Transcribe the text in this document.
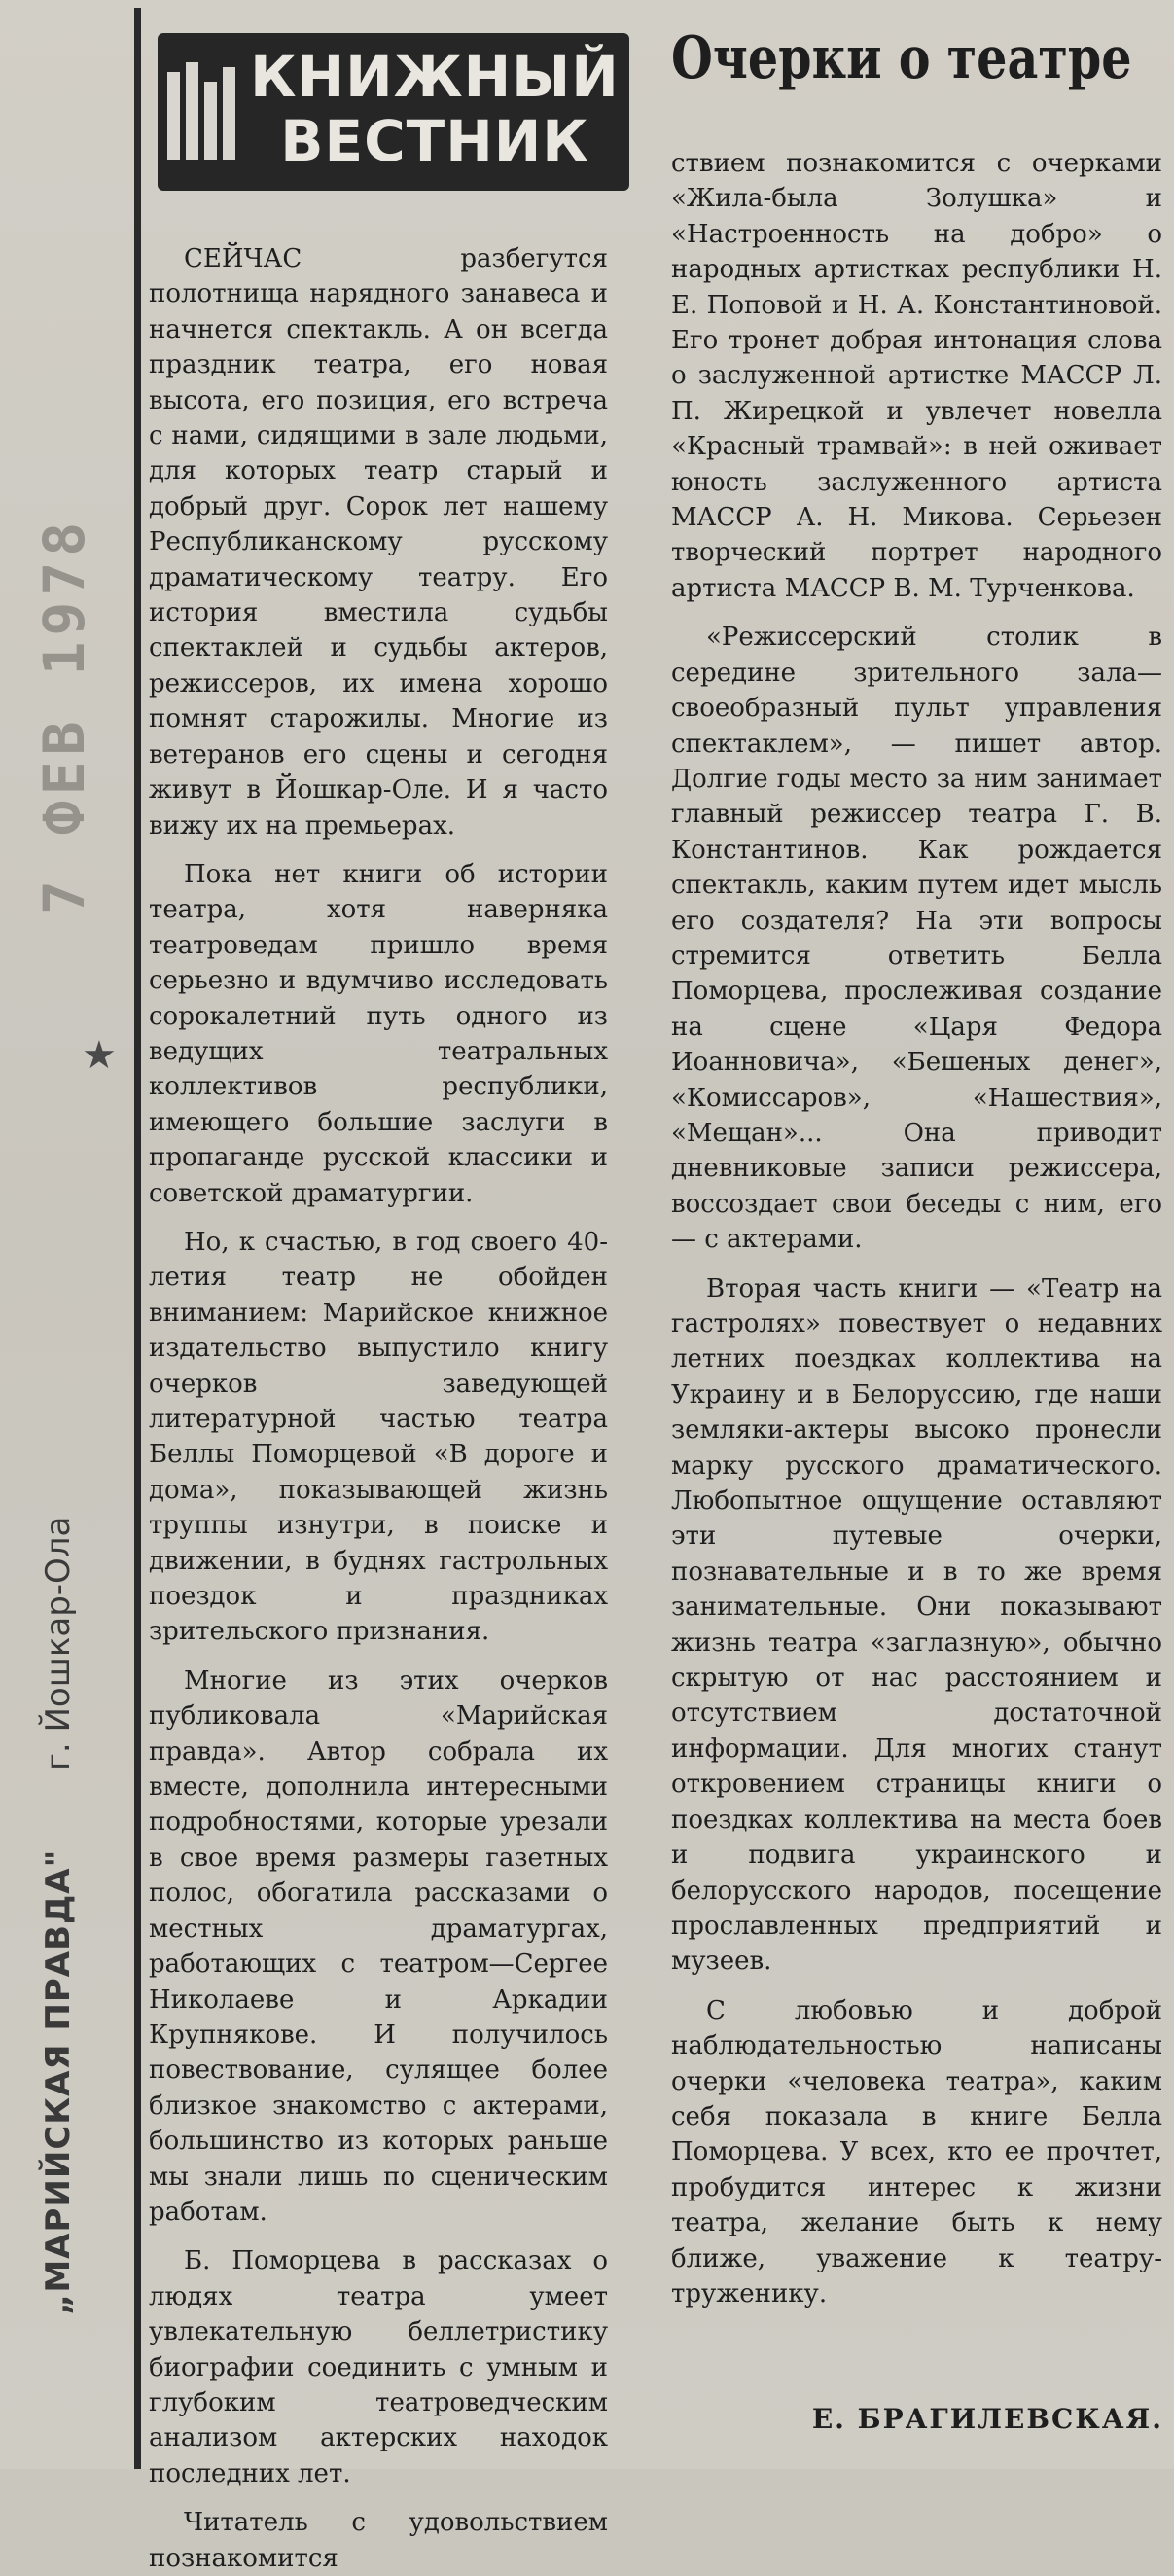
„МАРИЙСКАЯ ПРАВДА"
г. Йошкар-Ола
7 ФЕВ 1978
★
КНИЖНЫЙ
ВЕСТНИК
Очерки о театре

СЕЙЧАС разбегутся полотнища нарядного занавеса и начнется спектакль. А он всегда праздник театра, его новая высота, его позиция, его встреча с нами, сидящими в зале людьми, для которых театр старый и добрый друг. Сорок лет нашему Республиканскому русскому драматическому театру. Его история вместила судьбы спектаклей и судьбы актеров, режиссеров, их имена хорошо помнят старожилы. Многие из ветеранов его сцены и сегодня живут в Йошкар-Оле. И я часто вижу их на премьерах.

Пока нет книги об истории театра, хотя наверняка театроведам пришло время серьезно и вдумчиво исследовать сорокалетний путь одного из ведущих театральных коллективов республики, имеющего большие заслуги в пропаганде русской классики и советской драматургии.

Но, к счастью, в год своего 40-летия театр не обойден вниманием: Марийское книжное издательство выпустило книгу очерков заведующей литературной частью театра Беллы Поморцевой «В дороге и дома», показывающей жизнь труппы изнутри, в поиске и движении, в буднях гастрольных поездок и праздниках зрительского признания.

Многие из этих очерков публиковала «Марийская правда». Автор собрала их вместе, дополнила интересными подробностями, которые урезали в свое время размеры газетных полос, обогатила рассказами о местных драматургах, работающих с театром—Сергее Николаеве и Аркадии Крупнякове. И получилось повествование, сулящее более близкое знакомство с актерами, большинство из которых раньше мы знали лишь по сценическим работам.

Б. Поморцева в рассказах о людях театра умеет увлекательную беллетристику биографии соединить с умным и глубоким театроведческим анализом актерских находок последних лет.

Читатель с удовольствием познакомится

ствием познакомится с очерками «Жила-была Золушка» и «Настроенность на добро» о народных артистках республики Н. Е. Поповой и Н. А. Константиновой. Его тронет добрая интонация слова о заслуженной артистке МАССР Л. П. Жирецкой и увлечет новелла «Красный трамвай»: в ней оживает юность заслуженного артиста МАССР А. Н. Микова. Серьезен творческий портрет народного артиста МАССР В. М. Турченкова.

«Режиссерский столик в середине зрительного зала—своеобразный пульт управления спектаклем», — пишет автор. Долгие годы место за ним занимает главный режиссер театра Г. В. Константинов. Как рождается спектакль, каким путем идет мысль его создателя? На эти вопросы стремится ответить Белла Поморцева, прослеживая создание на сцене «Царя Федора Иоанновича», «Бешеных денег», «Комиссаров», «Нашествия», «Мещан»... Она приводит дневниковые записи режиссера, воссоздает свои беседы с ним, его — с актерами.

Вторая часть книги — «Театр на гастролях» повествует о недавних летних поездках коллектива на Украину и в Белоруссию, где наши земляки-актеры высоко пронесли марку русского драматического. Любопытное ощущение оставляют эти путевые очерки, познавательные и в то же время занимательные. Они показывают жизнь театра «заглазную», обычно скрытую от нас расстоянием и отсутствием достаточной информации. Для многих станут откровением страницы книги о поездках коллектива на места боев и подвига украинского и белорусского народов, посещение прославленных предприятий и музеев.

С любовью и доброй наблюдательностью написаны очерки «человека театра», каким себя показала в книге Белла Поморцева. У всех, кто ее прочтет, пробудится интерес к жизни театра, желание быть к нему ближе, уважение к театру-труженику.

Е. БРАГИЛЕВСКАЯ.
